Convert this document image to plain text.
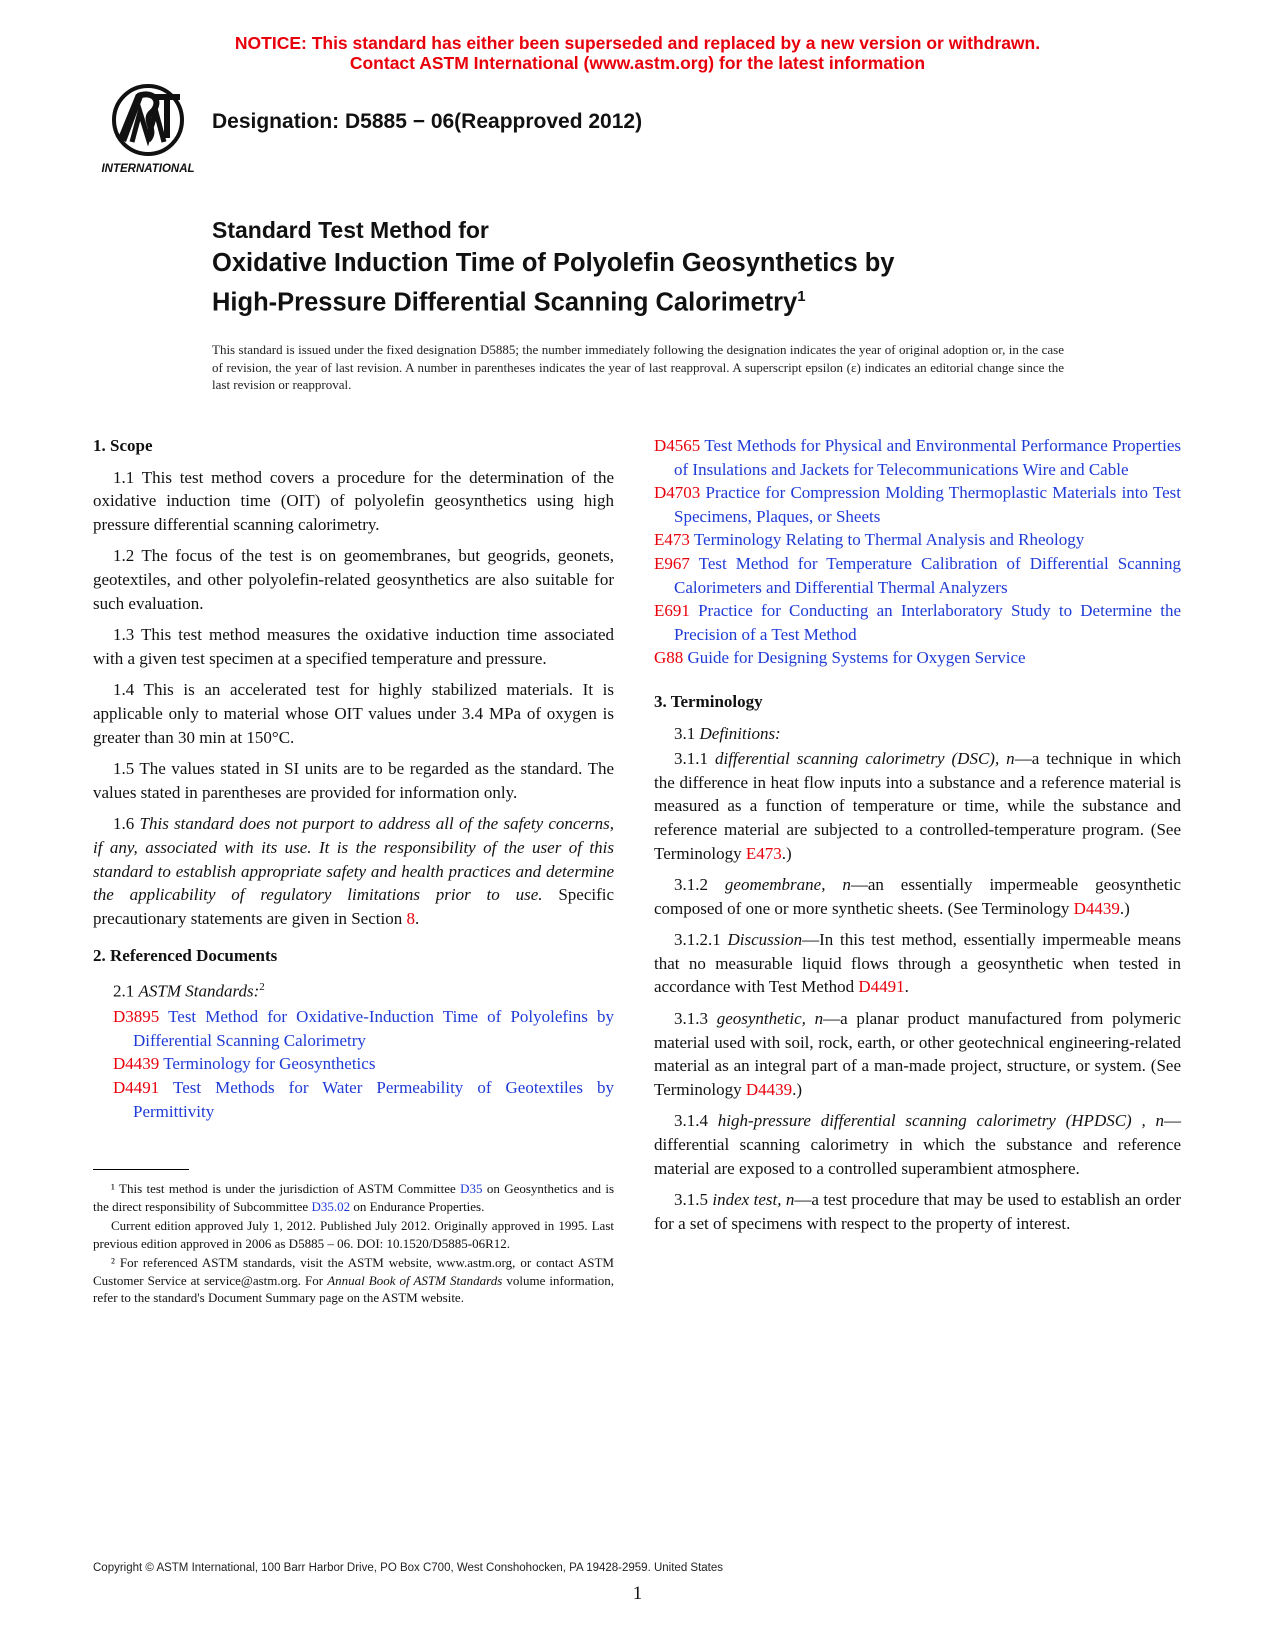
NOTICE: This standard has either been superseded and replaced by a new version or withdrawn.
Contact ASTM International (www.astm.org) for the latest information
INTERNATIONAL
Designation: D5885 − 06(Reapproved 2012)
Standard Test Method for
Oxidative Induction Time of Polyolefin Geosynthetics by
High-Pressure Differential Scanning Calorimetry$^1$
This standard is issued under the fixed designation D5885; the number immediately following the designation indicates the year of original adoption or, in the case of revision, the year of last revision. A number in parentheses indicates the year of last reapproval. A superscript epsilon (ε) indicates an editorial change since the last revision or reapproval.
1. Scope

1.1 This test method covers a procedure for the determination of the oxidative induction time (OIT) of polyolefin geosynthetics using high pressure differential scanning calorimetry.

1.2 The focus of the test is on geomembranes, but geogrids, geonets, geotextiles, and other polyolefin-related geosynthetics are also suitable for such evaluation.

1.3 This test method measures the oxidative induction time associated with a given test specimen at a specified temperature and pressure.

1.4 This is an accelerated test for highly stabilized materials. It is applicable only to material whose OIT values under 3.4 MPa of oxygen is greater than 30 min at 150°C.

1.5 The values stated in SI units are to be regarded as the standard. The values stated in parentheses are provided for information only.

1.6 This standard does not purport to address all of the safety concerns, if any, associated with its use. It is the responsibility of the user of this standard to establish appropriate safety and health practices and determine the applicability of regulatory limitations prior to use. Specific precautionary statements are given in Section 8.

2. Referenced Documents

2.1 ASTM Standards:$^2$

D3895 Test Method for Oxidative-Induction Time of Polyolefins by Differential Scanning Calorimetry
D4439 Terminology for Geosynthetics
D4491 Test Methods for Water Permeability of Geotextiles by Permittivity
¹ This test method is under the jurisdiction of ASTM Committee D35 on Geosynthetics and is the direct responsibility of Subcommittee D35.02 on Endurance Properties.
Current edition approved July 1, 2012. Published July 2012. Originally approved in 1995. Last previous edition approved in 2006 as D5885 – 06. DOI: 10.1520/D5885-06R12.
² For referenced ASTM standards, visit the ASTM website, www.astm.org, or contact ASTM Customer Service at service@astm.org. For Annual Book of ASTM Standards volume information, refer to the standard's Document Summary page on the ASTM website.
D4565 Test Methods for Physical and Environmental Performance Properties of Insulations and Jackets for Telecommunications Wire and Cable
D4703 Practice for Compression Molding Thermoplastic Materials into Test Specimens, Plaques, or Sheets
E473 Terminology Relating to Thermal Analysis and Rheology
E967 Test Method for Temperature Calibration of Differential Scanning Calorimeters and Differential Thermal Analyzers
E691 Practice for Conducting an Interlaboratory Study to Determine the Precision of a Test Method
G88 Guide for Designing Systems for Oxygen Service
3. Terminology

3.1 Definitions:

3.1.1 differential scanning calorimetry (DSC), n—a technique in which the difference in heat flow inputs into a substance and a reference material is measured as a function of temperature or time, while the substance and reference material are subjected to a controlled-temperature program. (See Terminology E473.)

3.1.2 geomembrane, n—an essentially impermeable geosynthetic composed of one or more synthetic sheets. (See Terminology D4439.)

3.1.2.1 Discussion—In this test method, essentially impermeable means that no measurable liquid flows through a geosynthetic when tested in accordance with Test Method D4491.

3.1.3 geosynthetic, n—a planar product manufactured from polymeric material used with soil, rock, earth, or other geotechnical engineering-related material as an integral part of a man-made project, structure, or system. (See Terminology D4439.)

3.1.4 high-pressure differential scanning calorimetry (HPDSC) , n—differential scanning calorimetry in which the substance and reference material are exposed to a controlled superambient atmosphere.

3.1.5 index test, n—a test procedure that may be used to establish an order for a set of specimens with respect to the property of interest.

Copyright © ASTM International, 100 Barr Harbor Drive, PO Box C700, West Conshohocken, PA 19428-2959. United States
1
